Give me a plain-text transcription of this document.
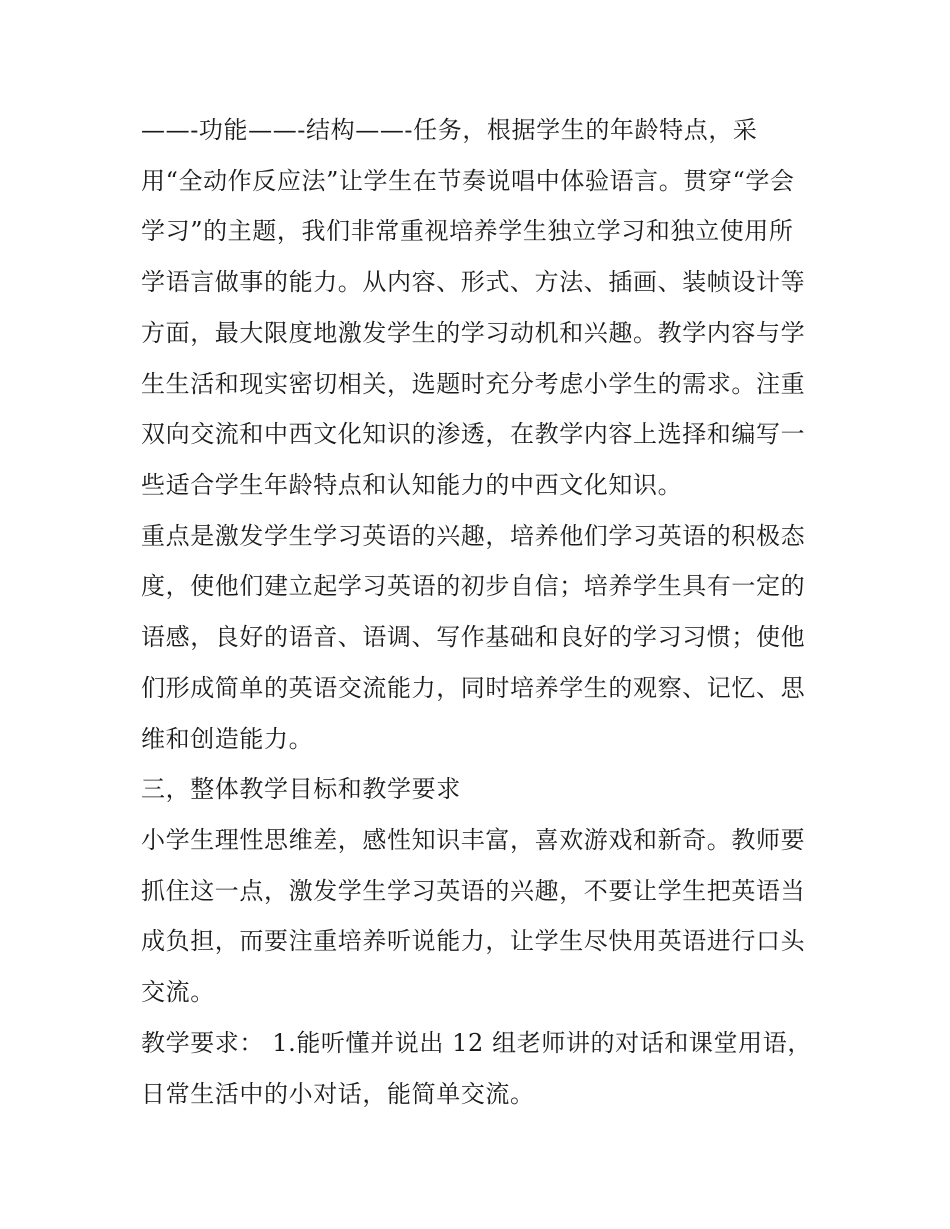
——-功能——-结构——-任务，根据学生的年龄特点，采
用“全动作反应法”让学生在节奏说唱中体验语言。贯穿“学会
学习”的主题，我们非常重视培养学生独立学习和独立使用所
学语言做事的能力。从内容、形式、方法、插画、装帧设计等
方面，最大限度地激发学生的学习动机和兴趣。教学内容与学
生生活和现实密切相关，选题时充分考虑小学生的需求。注重
双向交流和中西文化知识的渗透，在教学内容上选择和编写一
些适合学生年龄特点和认知能力的中西文化知识。
重点是激发学生学习英语的兴趣，培养他们学习英语的积极态
度，使他们建立起学习英语的初步自信；培养学生具有一定的
语感，良好的语音、语调、写作基础和良好的学习习惯；使他
们形成简单的英语交流能力，同时培养学生的观察、记忆、思
维和创造能力。
三，整体教学目标和教学要求
小学生理性思维差，感性知识丰富，喜欢游戏和新奇。教师要
抓住这一点，激发学生学习英语的兴趣，不要让学生把英语当
成负担，而要注重培养听说能力，让学生尽快用英语进行口头
交流。
教学要求： 1.能听懂并说出 12 组老师讲的对话和课堂用语，
日常生活中的小对话，能简单交流。
